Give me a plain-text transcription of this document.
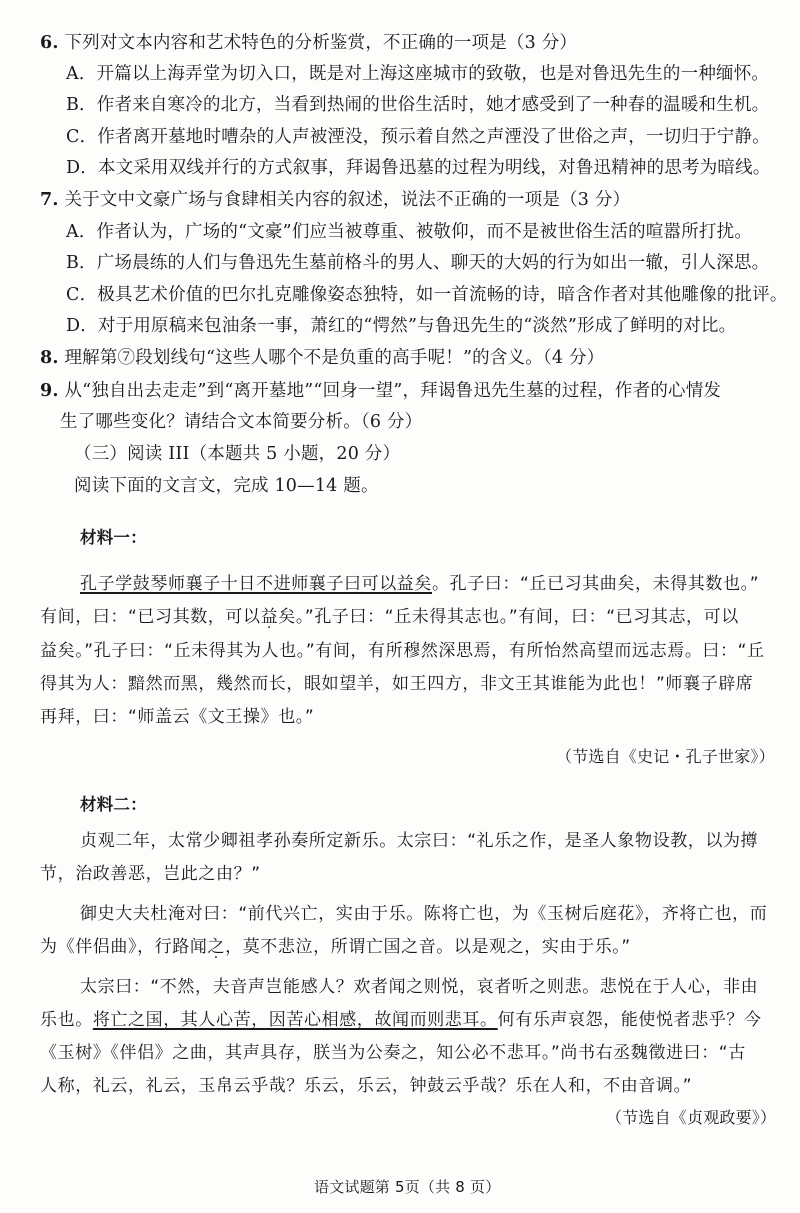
6. 下列对文本内容和艺术特色的分析鉴赏，不正确的一项是（3 分）
A．开篇以上海弄堂为切入口，既是对上海这座城市的致敬，也是对鲁迅先生的一种缅怀。
B．作者来自寒冷的北方，当看到热闹的世俗生活时，她才感受到了一种春的温暖和生机。
C．作者离开墓地时嘈杂的人声被湮没，预示着自然之声湮没了世俗之声，一切归于宁静。
D．本文采用双线并行的方式叙事，拜谒鲁迅墓的过程为明线，对鲁迅精神的思考为暗线。
7. 关于文中文豪广场与食肆相关内容的叙述，说法不正确的一项是（3 分）
A．作者认为，广场的“文豪”们应当被尊重、被敬仰，而不是被世俗生活的喧嚣所打扰。
B．广场晨练的人们与鲁迅先生墓前格斗的男人、聊天的大妈的行为如出一辙，引人深思。
C．极具艺术价值的巴尔扎克雕像姿态独特，如一首流畅的诗，暗含作者对其他雕像的批评。
D．对于用原稿来包油条一事，萧红的“愕然”与鲁迅先生的“淡然”形成了鲜明的对比。
8. 理解第⑦段划线句“这些人哪个不是负重的高手呢！”的含义。（4 分）
9. 从“独自出去走走”到“离开墓地”“回身一望”，拜谒鲁迅先生墓的过程，作者的心情发
生了哪些变化？请结合文本简要分析。（6 分）
（三）阅读 III（本题共 5 小题，20 分）
阅读下面的文言文，完成 10—14 题。
材料一：
孔子学鼓琴师襄子十日不进师襄子曰可以益矣。孔子曰：“丘已习其曲矣，未得其数也。”
有间，曰：“已习其数，可以益矣。”孔子曰：“丘未得其志也。”有间，曰：“已习其志，可以
益矣。”孔子曰：“丘未得其为人也。”有间，有所穆然深思焉，有所怡然高望而远志焉。曰：“丘
得其为人：黯然而黑，幾然而长，眼如望羊，如王四方，非文王其谁能为此也！”师襄子辟席
再拜，曰：“师盖云《文王操》也。”
（节选自《史记・孔子世家》）
材料二：
贞观二年，太常少卿祖孝孙奏所定新乐。太宗曰：“礼乐之作，是圣人象物设教，以为撙
节，治政善恶，岂此之由？”
御史大夫杜淹对曰：“前代兴亡，实由于乐。陈将亡也，为《玉树后庭花》，齐将亡也，而
为《伴侣曲》，行路闻之，莫不悲泣，所谓亡国之音。以是观之，实由于乐。”
太宗曰：“不然，夫音声岂能感人？欢者闻之则悦，哀者听之则悲。悲悦在于人心，非由
乐也。将亡之国，其人心苦，因苦心相感，故闻而则悲耳。何有乐声哀怨，能使悦者悲乎？今
《玉树》《伴侣》之曲，其声具存，朕当为公奏之，知公必不悲耳。”尚书右丞魏徵进曰：“古
人称，礼云，礼云，玉帛云乎哉？乐云，乐云，钟鼓云乎哉？乐在人和，不由音调。”
（节选自《贞观政要》）
语文试题第 5页（共 8 页）
